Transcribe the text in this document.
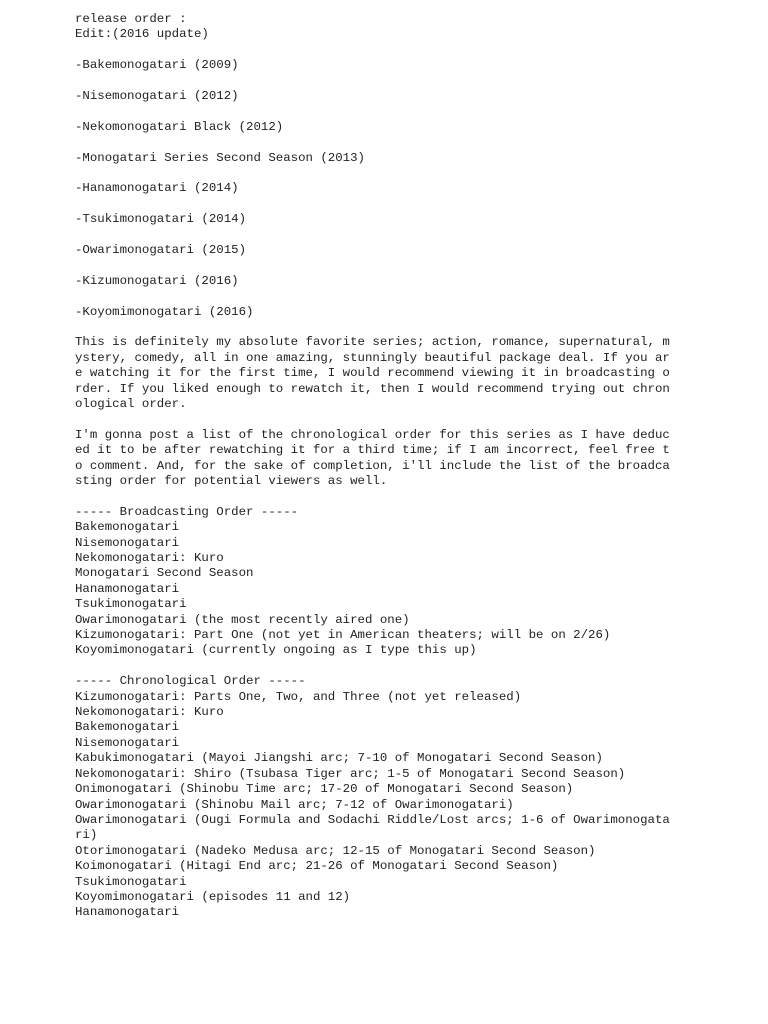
release order :
Edit:(2016 update)
-Bakemonogatari (2009)
-Nisemonogatari (2012)
-Nekomonogatari Black (2012)
-Monogatari Series Second Season (2013)
-Hanamonogatari (2014)
-Tsukimonogatari (2014)
-Owarimonogatari (2015)
-Kizumonogatari (2016)
-Koyomimonogatari (2016)
This is definitely my absolute favorite series; action, romance, supernatural, m
ystery, comedy, all in one amazing, stunningly beautiful package deal. If you ar
e watching it for the first time, I would recommend viewing it in broadcasting o
rder. If you liked enough to rewatch it, then I would recommend trying out chron
ological order.
I'm gonna post a list of the chronological order for this series as I have deduc
ed it to be after rewatching it for a third time; if I am incorrect, feel free t
o comment. And, for the sake of completion, i'll include the list of the broadca
sting order for potential viewers as well.
----- Broadcasting Order -----
Bakemonogatari
Nisemonogatari
Nekomonogatari: Kuro
Monogatari Second Season
Hanamonogatari
Tsukimonogatari
Owarimonogatari (the most recently aired one)
Kizumonogatari: Part One (not yet in American theaters; will be on 2/26)
Koyomimonogatari (currently ongoing as I type this up)
----- Chronological Order -----
Kizumonogatari: Parts One, Two, and Three (not yet released)
Nekomonogatari: Kuro
Bakemonogatari
Nisemonogatari
Kabukimonogatari (Mayoi Jiangshi arc; 7-10 of Monogatari Second Season)
Nekomonogatari: Shiro (Tsubasa Tiger arc; 1-5 of Monogatari Second Season)
Onimonogatari (Shinobu Time arc; 17-20 of Monogatari Second Season)
Owarimonogatari (Shinobu Mail arc; 7-12 of Owarimonogatari)
Owarimonogatari (Ougi Formula and Sodachi Riddle/Lost arcs; 1-6 of Owarimonogata
ri)
Otorimonogatari (Nadeko Medusa arc; 12-15 of Monogatari Second Season)
Koimonogatari (Hitagi End arc; 21-26 of Monogatari Second Season)
Tsukimonogatari
Koyomimonogatari (episodes 11 and 12)
Hanamonogatari
